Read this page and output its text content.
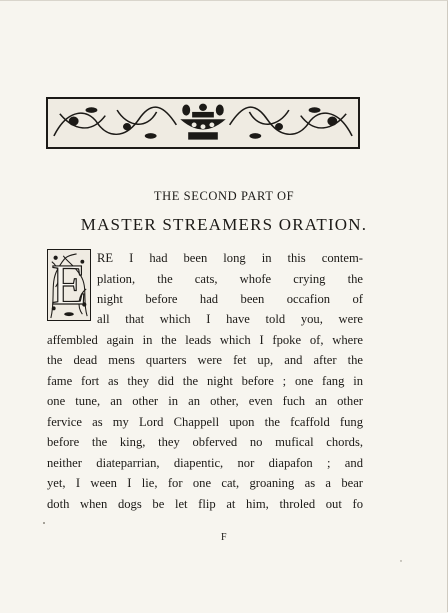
THE SECOND PART OF
MASTER STREAMERS ORATION.
E RE I had been long in this contem-
plation, the cats, whofe crying the
night before had been occafion of
all that which I have told you, were
affembled again in the leads which I fpoke of, where
the dead mens quarters were fet up, and after the
fame fort as they did the night before ; one fang in
one tune, an other in an other, even fuch an other
fervice as my Lord Chappell upon the fcaffold fung
before the king, they obferved no mufical chords,
neither diateparrian, diapentic, nor diapafon ; and
yet, I ween I lie, for one cat, groaning as a bear
doth when dogs be let flip at him, throled out fo
F
